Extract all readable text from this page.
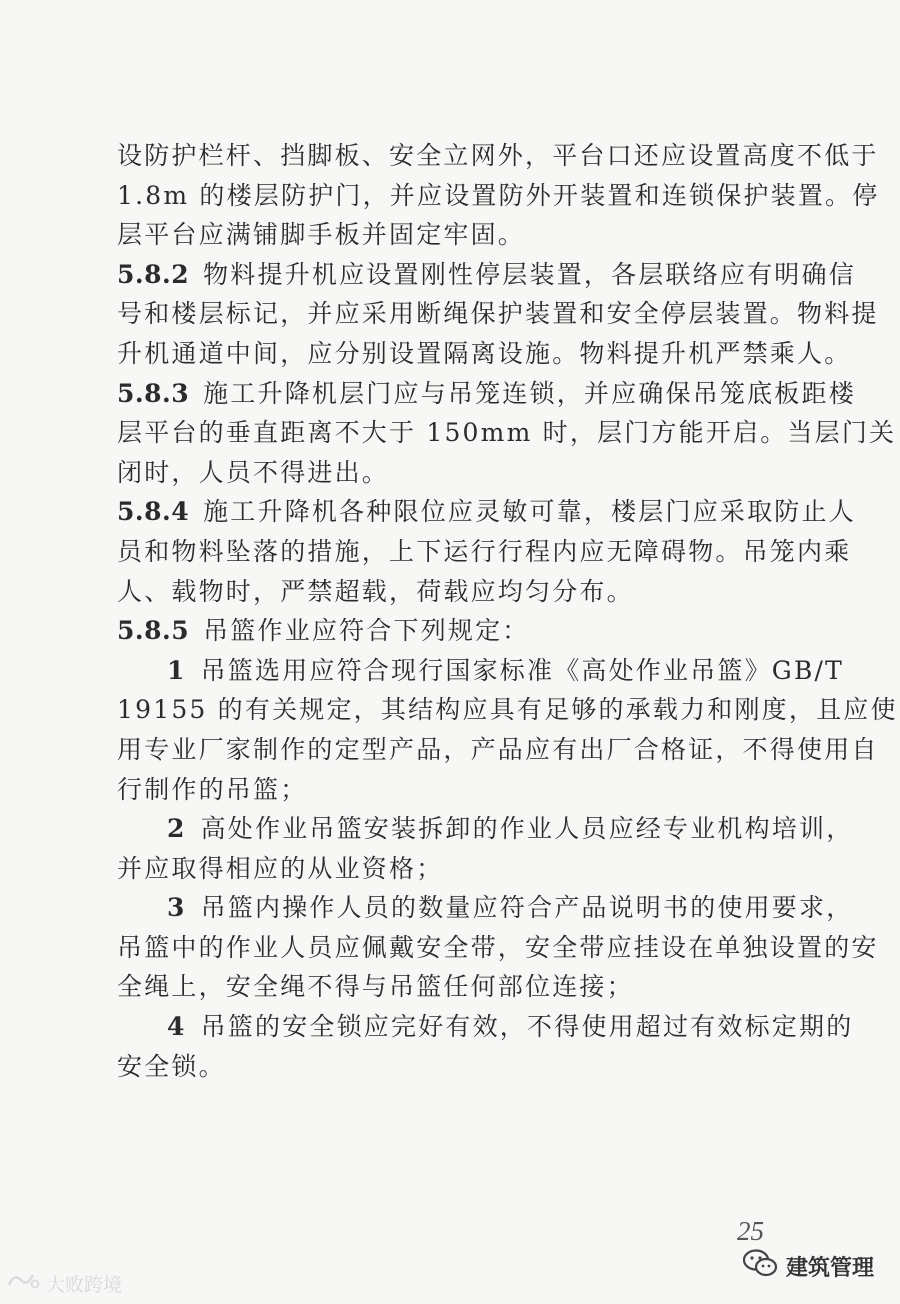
设防护栏杆、挡脚板、安全立网外，平台口还应设置高度不低于
1.8m 的楼层防护门，并应设置防外开装置和连锁保护装置。停
层平台应满铺脚手板并固定牢固。
5.8.2 物料提升机应设置刚性停层装置，各层联络应有明确信
号和楼层标记，并应采用断绳保护装置和安全停层装置。物料提
升机通道中间，应分别设置隔离设施。物料提升机严禁乘人。
5.8.3 施工升降机层门应与吊笼连锁，并应确保吊笼底板距楼
层平台的垂直距离不大于 150mm 时，层门方能开启。当层门关
闭时，人员不得进出。
5.8.4 施工升降机各种限位应灵敏可靠，楼层门应采取防止人
员和物料坠落的措施，上下运行行程内应无障碍物。吊笼内乘
人、载物时，严禁超载，荷载应均匀分布。
5.8.5 吊篮作业应符合下列规定：
1 吊篮选用应符合现行国家标准《高处作业吊篮》GB/T
19155 的有关规定，其结构应具有足够的承载力和刚度，且应使
用专业厂家制作的定型产品，产品应有出厂合格证，不得使用自
行制作的吊篮；
2 高处作业吊篮安装拆卸的作业人员应经专业机构培训，
并应取得相应的从业资格；
3 吊篮内操作人员的数量应符合产品说明书的使用要求，
吊篮中的作业人员应佩戴安全带，安全带应挂设在单独设置的安
全绳上，安全绳不得与吊篮任何部位连接；
4 吊篮的安全锁应完好有效，不得使用超过有效标定期的
安全锁。
25
建筑管理
大败跨境
